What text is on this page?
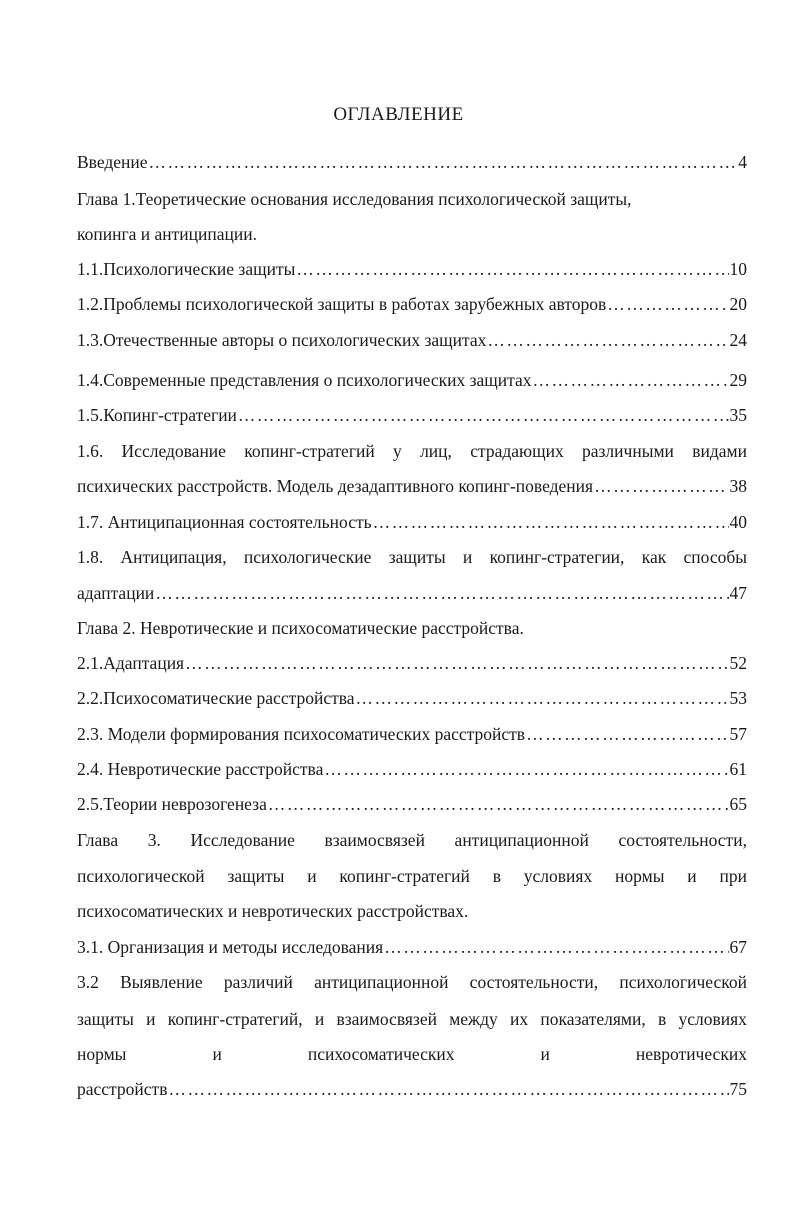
ОГЛАВЛЕНИЕ
Введение ………………………………………………………………………………………………………………………………………………………………………………………………	4
Глава 1.Теоретические основания исследования психологической защиты,
копинга и антиципации.
1.1.Психологические защиты ………………………………………………………………………………………………………………………………………………………………………………………………	10
1.2.Проблемы психологической защиты в работах зарубежных авторов ………………………………………………………………………………………………………………………………………………………………………………………………	20
1.3.Отечественные авторы о психологических защитах ………………………………………………………………………………………………………………………………………………………………………………………………	24
1.4.Современные представления о психологических защитах ………………………………………………………………………………………………………………………………………………………………………………………………	29
1.5.Копинг-стратегии ………………………………………………………………………………………………………………………………………………………………………………………………	35
1.6. Исследование копинг-стратегий у лиц, страдающих различными видами
психических расстройств. Модель дезадаптивного копинг-поведения ………………………………………………………………………………………………………………………………………………………………………………………………	38
1.7. Антиципационная состоятельность ………………………………………………………………………………………………………………………………………………………………………………………………	40
1.8. Антиципация, психологические защиты и копинг-стратегии, как способы
адаптации ………………………………………………………………………………………………………………………………………………………………………………………………	47
Глава 2. Невротические и психосоматические расстройства.
2.1.Адаптация ………………………………………………………………………………………………………………………………………………………………………………………………	52
2.2.Психосоматические расстройства ………………………………………………………………………………………………………………………………………………………………………………………………	53
2.3. Модели формирования психосоматических расстройств ………………………………………………………………………………………………………………………………………………………………………………………………	57
2.4. Невротические расстройства ………………………………………………………………………………………………………………………………………………………………………………………………	61
2.5.Теории неврозогенеза ………………………………………………………………………………………………………………………………………………………………………………………………	65
Глава 3. Исследование взаимосвязей антиципационной состоятельности,
психологической защиты и копинг-стратегий в условиях нормы и при
психосоматических и невротических расстройствах.
3.1. Организация и методы исследования ………………………………………………………………………………………………………………………………………………………………………………………………	67
3.2 Выявление различий антиципационной состоятельности, психологической
защиты и копинг-стратегий, и взаимосвязей между их показателями, в условиях
нормы	и	психосоматических	и	невротических
расстройств ………………………………………………………………………………………………………………………………………………………………………………………………	75
